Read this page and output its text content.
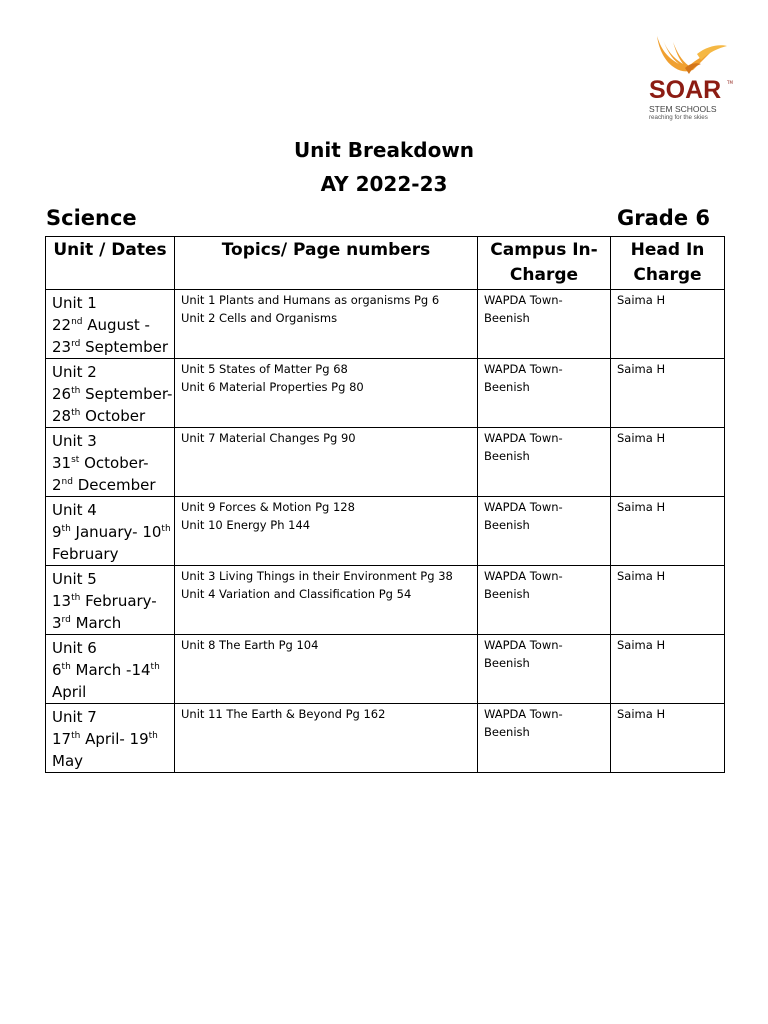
SOAR	TM
STEM SCHOOLS
reaching for the skies
Unit Breakdown
AY 2022-23
Science	Grade 6
Unit / Dates	Topics/ Page numbers	Campus In-Charge	Head In Charge

Unit 1
22nd August -
23rd September	Unit 1 Plants and Humans as organisms Pg 6
Unit 2 Cells and Organisms	WAPDA Town-
Beenish	Saima H

Unit 2
26th September-
28th October	Unit 5 States of Matter Pg 68
Unit 6 Material Properties Pg 80	WAPDA Town-
Beenish	Saima H

Unit 3
31st October-
2nd December	Unit 7 Material Changes Pg 90	WAPDA Town-
Beenish	Saima H

Unit 4
9th January- 10th
February	Unit 9 Forces & Motion Pg 128
Unit 10 Energy Ph 144	WAPDA Town-
Beenish	Saima H

Unit 5
13th February-
3rd March	Unit 3 Living Things in their Environment Pg 38
Unit 4 Variation and Classification Pg 54	WAPDA Town-
Beenish	Saima H

Unit 6
6th March -14th
April	Unit 8 The Earth Pg 104	WAPDA Town-
Beenish	Saima H

Unit 7
17th April- 19th
May	Unit 11 The Earth & Beyond Pg 162	WAPDA Town-
Beenish	Saima H
